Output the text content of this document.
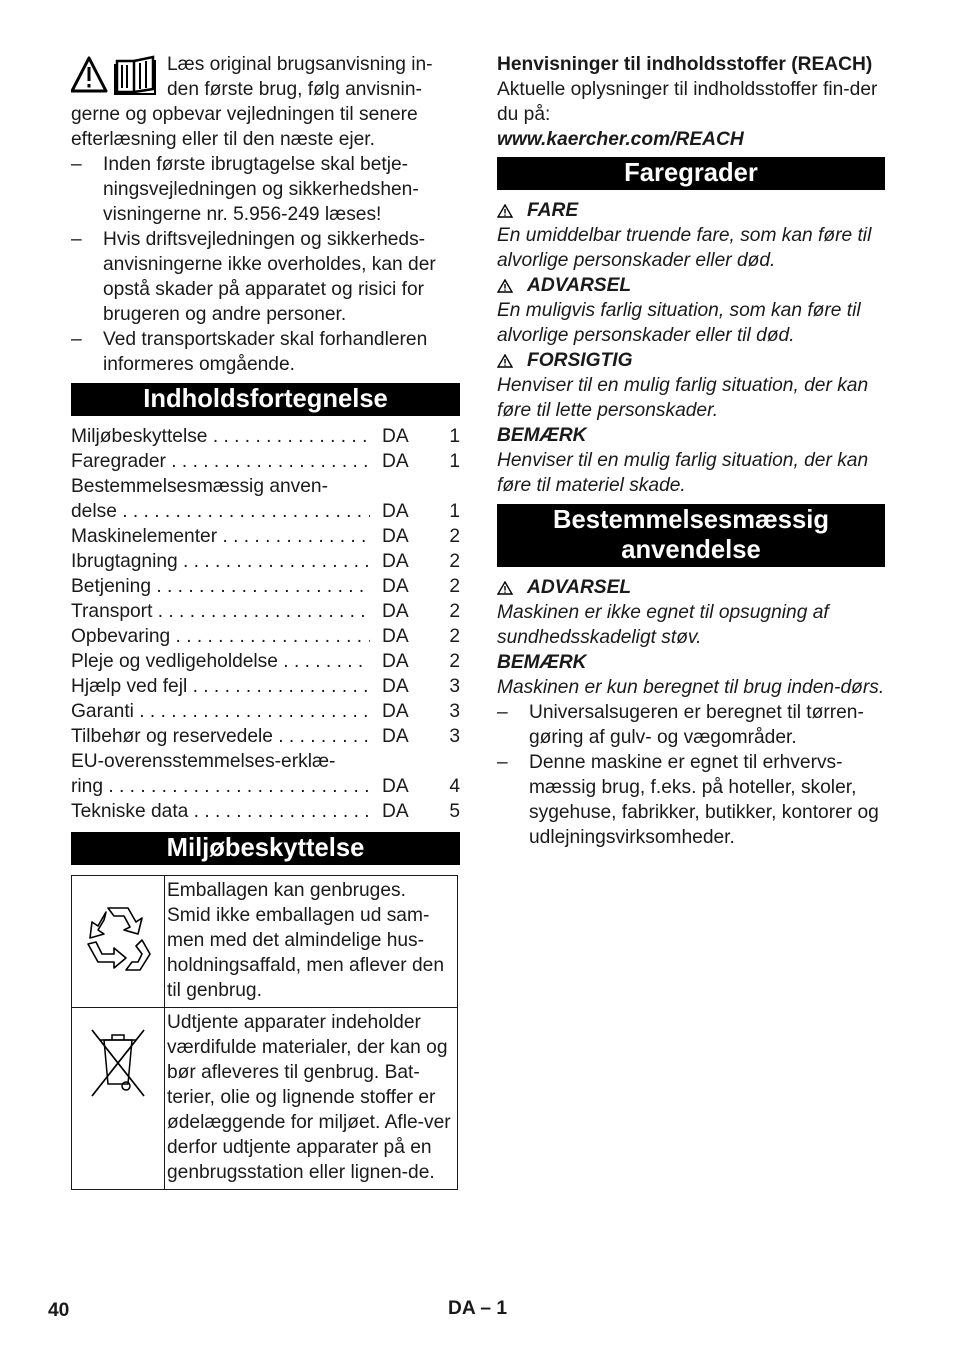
Læs original brugsanvisning in-

den første brug, følg anvisnin-

gerne og opbevar vejledningen til senere efterlæsning eller til den næste ejer.

– Inden første ibrugtagelse skal betje-ningsvejledningen og sikkerhedshen-visningerne nr. 5.956-249 læses!

– Hvis driftsvejledningen og sikkerheds-anvisningerne ikke overholdes, kan der opstå skader på apparatet og risici for brugeren og andre personer.

– Ved transportskader skal forhandleren informeres omgående.

Indholdsfortegnelse
Miljøbeskyttelse . . .	DA	1
Faregrader . . .	DA	1
Bestemmelsesmæssig anven-
delse . . .	DA	1
Maskinelementer . . .	DA	2
Ibrugtagning . . .	DA	2
Betjening . . .	DA	2
Transport . . .	DA	2
Opbevaring . . .	DA	2
Pleje og vedligeholdelse . . .	DA	2
Hjælp ved fejl . . .	DA	3
Garanti . . .	DA	3
Tilbehør og reservedele . . .	DA	3
EU-overensstemmelses-erklæ-
ring . . .	DA	4
Tekniske data . . .	DA	5
Miljøbeskyttelse
	Emballagen kan genbruges. Smid ikke emballagen ud sam-men med det almindelige hus-holdningsaffald, men aflever den til genbrug.
	Udtjente apparater indeholder værdifulde materialer, der kan og bør afleveres til genbrug. Bat-terier, olie og lignende stoffer er ødelæggende for miljøet. Afle-ver derfor udtjente apparater på en genbrugsstation eller lignen-de.

Henvisninger til indholdsstoffer (REACH)

Aktuelle oplysninger til indholdsstoffer fin-der du på:

www.kaercher.com/REACH

Faregrader
FARE

En umiddelbar truende fare, som kan føre til alvorlige personskader eller død.

ADVARSEL

En muligvis farlig situation, som kan føre til alvorlige personskader eller til død.

FORSIGTIG

Henviser til en mulig farlig situation, der kan føre til lette personskader.

BEMÆRK

Henviser til en mulig farlig situation, der kan føre til materiel skade.

Bestemmelsesmæssig
anvendelse
ADVARSEL

Maskinen er ikke egnet til opsugning af sundhedsskadeligt støv.

BEMÆRK

Maskinen er kun beregnet til brug inden-dørs.

– Universalsugeren er beregnet til tørren-gøring af gulv- og vægområder.

– Denne maskine er egnet til erhvervs-mæssig brug, f.eks. på hoteller, skoler, sygehuse, fabrikker, butikker, kontorer og udlejningsvirksomheder.

40	DA – 1
